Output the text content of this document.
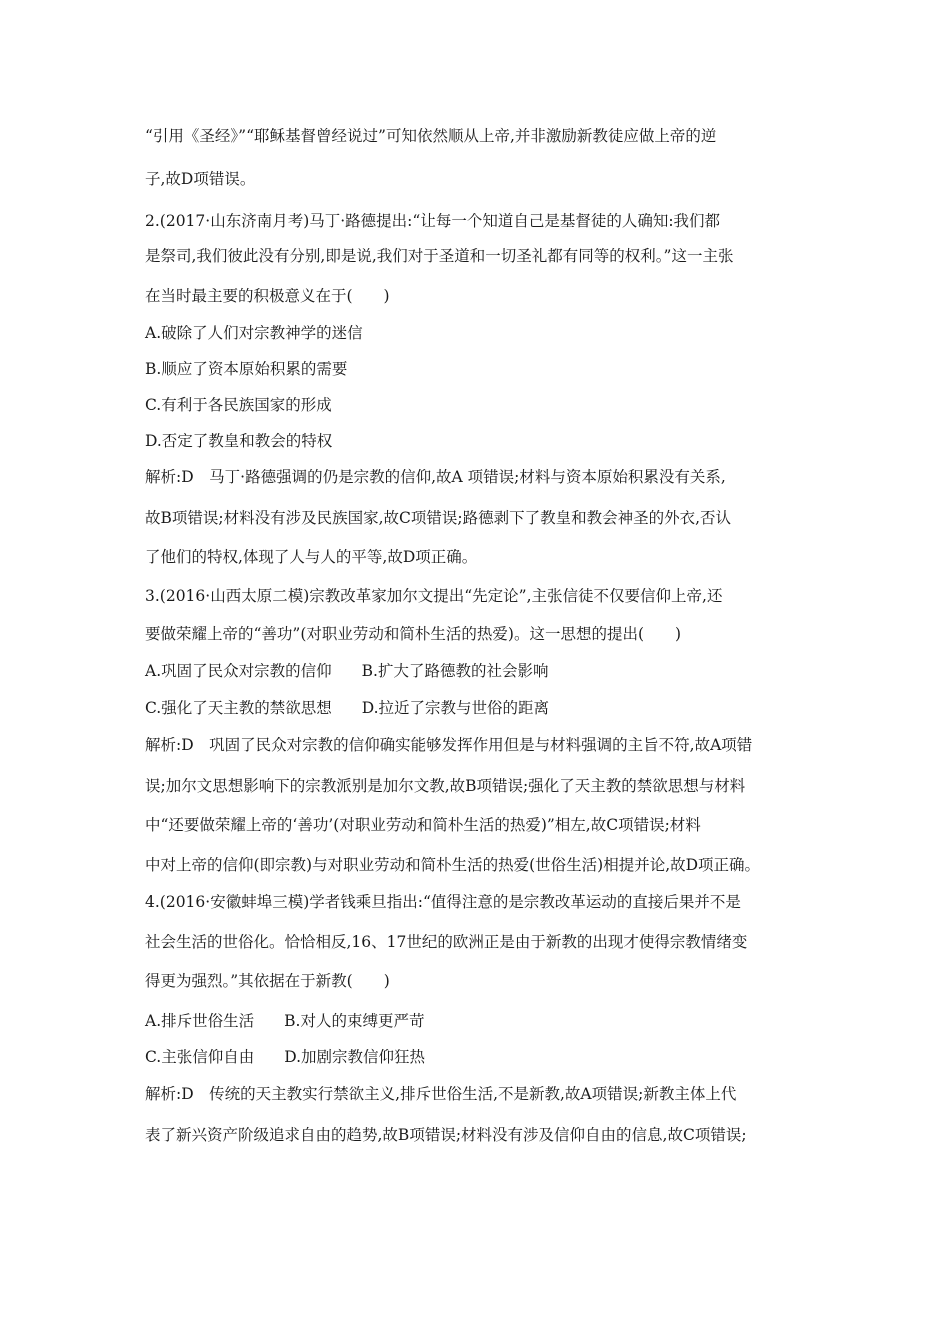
“引用《圣经》”“耶稣基督曾经说过”可知依然顺从上帝,并非激励新教徒应做上帝的逆
子,故D项错误。
2.(2017·山东济南月考)马丁·路德提出:“让每一个知道自己是基督徒的人确知:我们都
是祭司,我们彼此没有分别,即是说,我们对于圣道和一切圣礼都有同等的权利。”这一主张
在当时最主要的积极意义在于(　　)
A.破除了人们对宗教神学的迷信
B.顺应了资本原始积累的需要
C.有利于各民族国家的形成
D.否定了教皇和教会的特权
解析:D　马丁·路德强调的仍是宗教的信仰,故A 项错误;材料与资本原始积累没有关系,
故B项错误;材料没有涉及民族国家,故C项错误;路德剥下了教皇和教会神圣的外衣,否认
了他们的特权,体现了人与人的平等,故D项正确。
3.(2016·山西太原二模)宗教改革家加尔文提出“先定论”,主张信徒不仅要信仰上帝,还
要做荣耀上帝的“善功”(对职业劳动和简朴生活的热爱)。这一思想的提出(　　)
A.巩固了民众对宗教的信仰 B.扩大了路德教的社会影响
C.强化了天主教的禁欲思想 D.拉近了宗教与世俗的距离
解析:D　巩固了民众对宗教的信仰确实能够发挥作用但是与材料强调的主旨不符,故A项错
误;加尔文思想影响下的宗教派别是加尔文教,故B项错误;强化了天主教的禁欲思想与材料
中“还要做荣耀上帝的‘善功’(对职业劳动和简朴生活的热爱)”相左,故C项错误;材料
中对上帝的信仰(即宗教)与对职业劳动和简朴生活的热爱(世俗生活)相提并论,故D项正确。
4.(2016·安徽蚌埠三模)学者钱乘旦指出:“值得注意的是宗教改革运动的直接后果并不是
社会生活的世俗化。恰恰相反,16、17世纪的欧洲正是由于新教的出现才使得宗教情绪变
得更为强烈。”其依据在于新教(　　)
A.排斥世俗生活 B.对人的束缚更严苛
C.主张信仰自由 D.加剧宗教信仰狂热
解析:D　传统的天主教实行禁欲主义,排斥世俗生活,不是新教,故A项错误;新教主体上代
表了新兴资产阶级追求自由的趋势,故B项错误;材料没有涉及信仰自由的信息,故C项错误;
